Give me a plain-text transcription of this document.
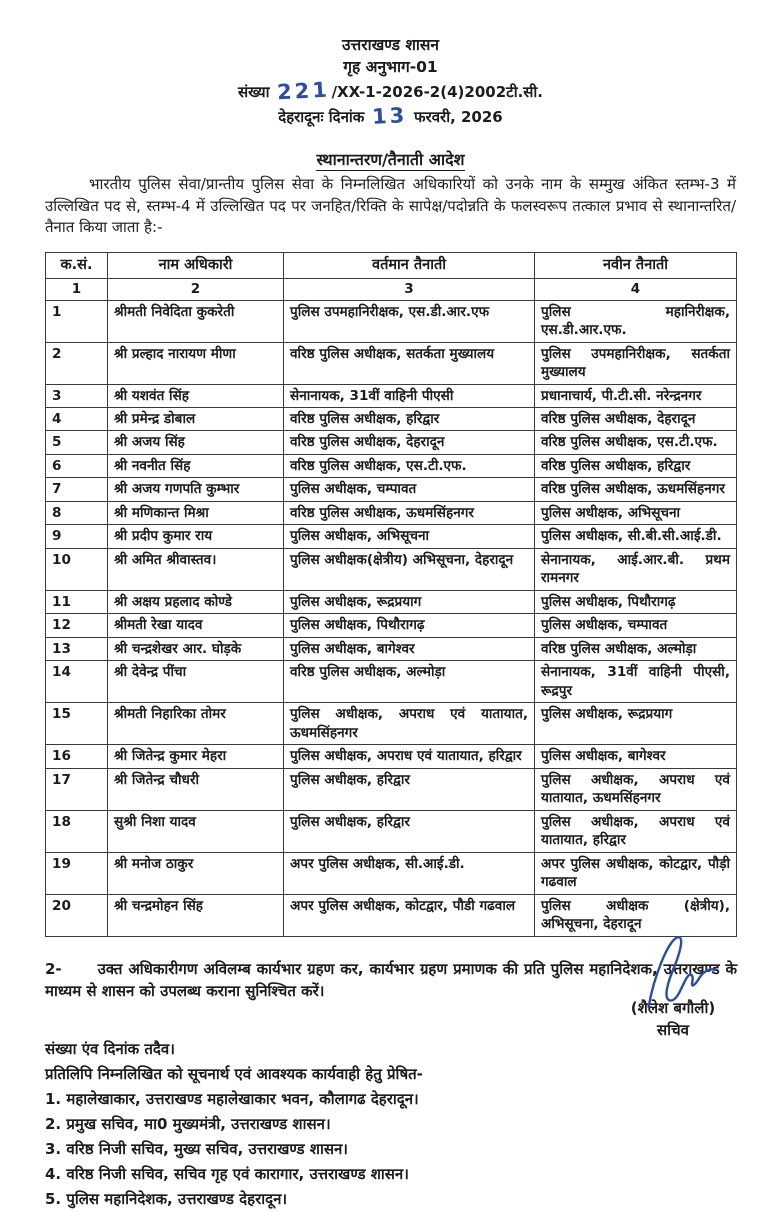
उत्तराखण्ड शासन
गृह अनुभाग-01
संख्या 221/XX-1-2026-2(4)2002टी.सी.
देहरादूनः दिनांक 13 फरवरी, 2026
स्थानान्तरण/तैनाती आदेश
भारतीय पुलिस सेवा/प्रान्तीय पुलिस सेवा के निम्नलिखित अधिकारियों को उनके नाम के सम्मुख अंकित स्तम्भ-3 में उल्लिखित पद से, स्तम्भ-4 में उल्लिखित पद पर जनहित/रिक्ति के सापेक्ष/पदोन्नति के फलस्वरूप तत्काल प्रभाव से स्थानान्तरित/तैनात किया जाता है:-
क.सं.	नाम अधिकारी	वर्तमान तैनाती	नवीन तैनाती
1	2	3	4
1	श्रीमती निवेदिता कुकरेती	पुलिस उपमहानिरीक्षक, एस.डी.आर.एफ	पुलिस महानिरीक्षक, एस.डी.आर.एफ.
2	श्री प्रल्हाद नारायण मीणा	वरिष्ठ पुलिस अधीक्षक, सतर्कता मुख्यालय	पुलिस उपमहानिरीक्षक, सतर्कता मुख्यालय
3	श्री यशवंत सिंह	सेनानायक, 31वीं वाहिनी पीएसी	प्रधानाचार्य, पी.टी.सी. नरेन्द्रनगर
4	श्री प्रमेन्द्र डोबाल	वरिष्ठ पुलिस अधीक्षक, हरिद्वार	वरिष्ठ पुलिस अधीक्षक, देहरादून
5	श्री अजय सिंह	वरिष्ठ पुलिस अधीक्षक, देहरादून	वरिष्ठ पुलिस अधीक्षक, एस.टी.एफ.
6	श्री नवनीत सिंह	वरिष्ठ पुलिस अधीक्षक, एस.टी.एफ.	वरिष्ठ पुलिस अधीक्षक, हरिद्वार
7	श्री अजय गणपति कुम्भार	पुलिस अधीक्षक, चम्पावत	वरिष्ठ पुलिस अधीक्षक, ऊधमसिंहनगर
8	श्री मणिकान्त मिश्रा	वरिष्ठ पुलिस अधीक्षक, ऊधमसिंहनगर	पुलिस अधीक्षक, अभिसूचना
9	श्री प्रदीप कुमार राय	पुलिस अधीक्षक, अभिसूचना	पुलिस अधीक्षक, सी.बी.सी.आई.डी.
10	श्री अमित श्रीवास्तव।	पुलिस अधीक्षक(क्षेत्रीय) अभिसूचना, देहरादून	सेनानायक, आई.आर.बी. प्रथम रामनगर
11	श्री अक्षय प्रहलाद कोण्डे	पुलिस अधीक्षक, रूद्रप्रयाग	पुलिस अधीक्षक, पिथौरागढ़
12	श्रीमती रेखा यादव	पुलिस अधीक्षक, पिथौरागढ़	पुलिस अधीक्षक, चम्पावत
13	श्री चन्द्रशेखर आर. घोड़के	पुलिस अधीक्षक, बागेश्वर	वरिष्ठ पुलिस अधीक्षक, अल्मोड़ा
14	श्री देवेन्द्र पींचा	वरिष्ठ पुलिस अधीक्षक, अल्मोड़ा	सेनानायक, 31वीं वाहिनी पीएसी, रूद्रपुर
15	श्रीमती निहारिका तोमर	पुलिस अधीक्षक, अपराध एवं यातायात, ऊधमसिंहनगर	पुलिस अधीक्षक, रूद्रप्रयाग
16	श्री जितेन्द्र कुमार मेहरा	पुलिस अधीक्षक, अपराध एवं यातायात, हरिद्वार	पुलिस अधीक्षक, बागेश्वर
17	श्री जितेन्द्र चौधरी	पुलिस अधीक्षक, हरिद्वार	पुलिस अधीक्षक, अपराध एवं यातायात, ऊधमसिंहनगर
18	सुश्री निशा यादव	पुलिस अधीक्षक, हरिद्वार	पुलिस अधीक्षक, अपराध एवं यातायात, हरिद्वार
19	श्री मनोज ठाकुर	अपर पुलिस अधीक्षक, सी.आई.डी.	अपर पुलिस अधीक्षक, कोटद्वार, पौड़ी गढवाल
20	श्री चन्द्रमोहन सिंह	अपर पुलिस अधीक्षक, कोटद्वार, पौडी गढवाल	पुलिस अधीक्षक (क्षेत्रीय), अभिसूचना, देहरादून
2- उक्त अधिकारीगण अविलम्ब कार्यभार ग्रहण कर, कार्यभार ग्रहण प्रमाणक की प्रति पुलिस महानिदेशक, उत्तराखण्ड के माध्यम से शासन को उपलब्ध कराना सुनिश्चित करें।
(शैलेश बगौली)
सचिव
संख्या एंव दिनांक तदैव।
प्रतिलिपि निम्नलिखित को सूचनार्थ एवं आवश्यक कार्यवाही हेतु प्रेषित-
1. महालेखाकार, उत्तराखण्ड महालेखाकार भवन, कौलागढ देहरादून।
2. प्रमुख सचिव, मा0 मुख्यमंत्री, उत्तराखण्ड शासन।
3. वरिष्ठ निजी सचिव, मुख्य सचिव, उत्तराखण्ड शासन।
4. वरिष्ठ निजी सचिव, सचिव गृह एवं कारागार, उत्तराखण्ड शासन।
5. पुलिस महानिदेशक, उत्तराखण्ड देहरादून।
